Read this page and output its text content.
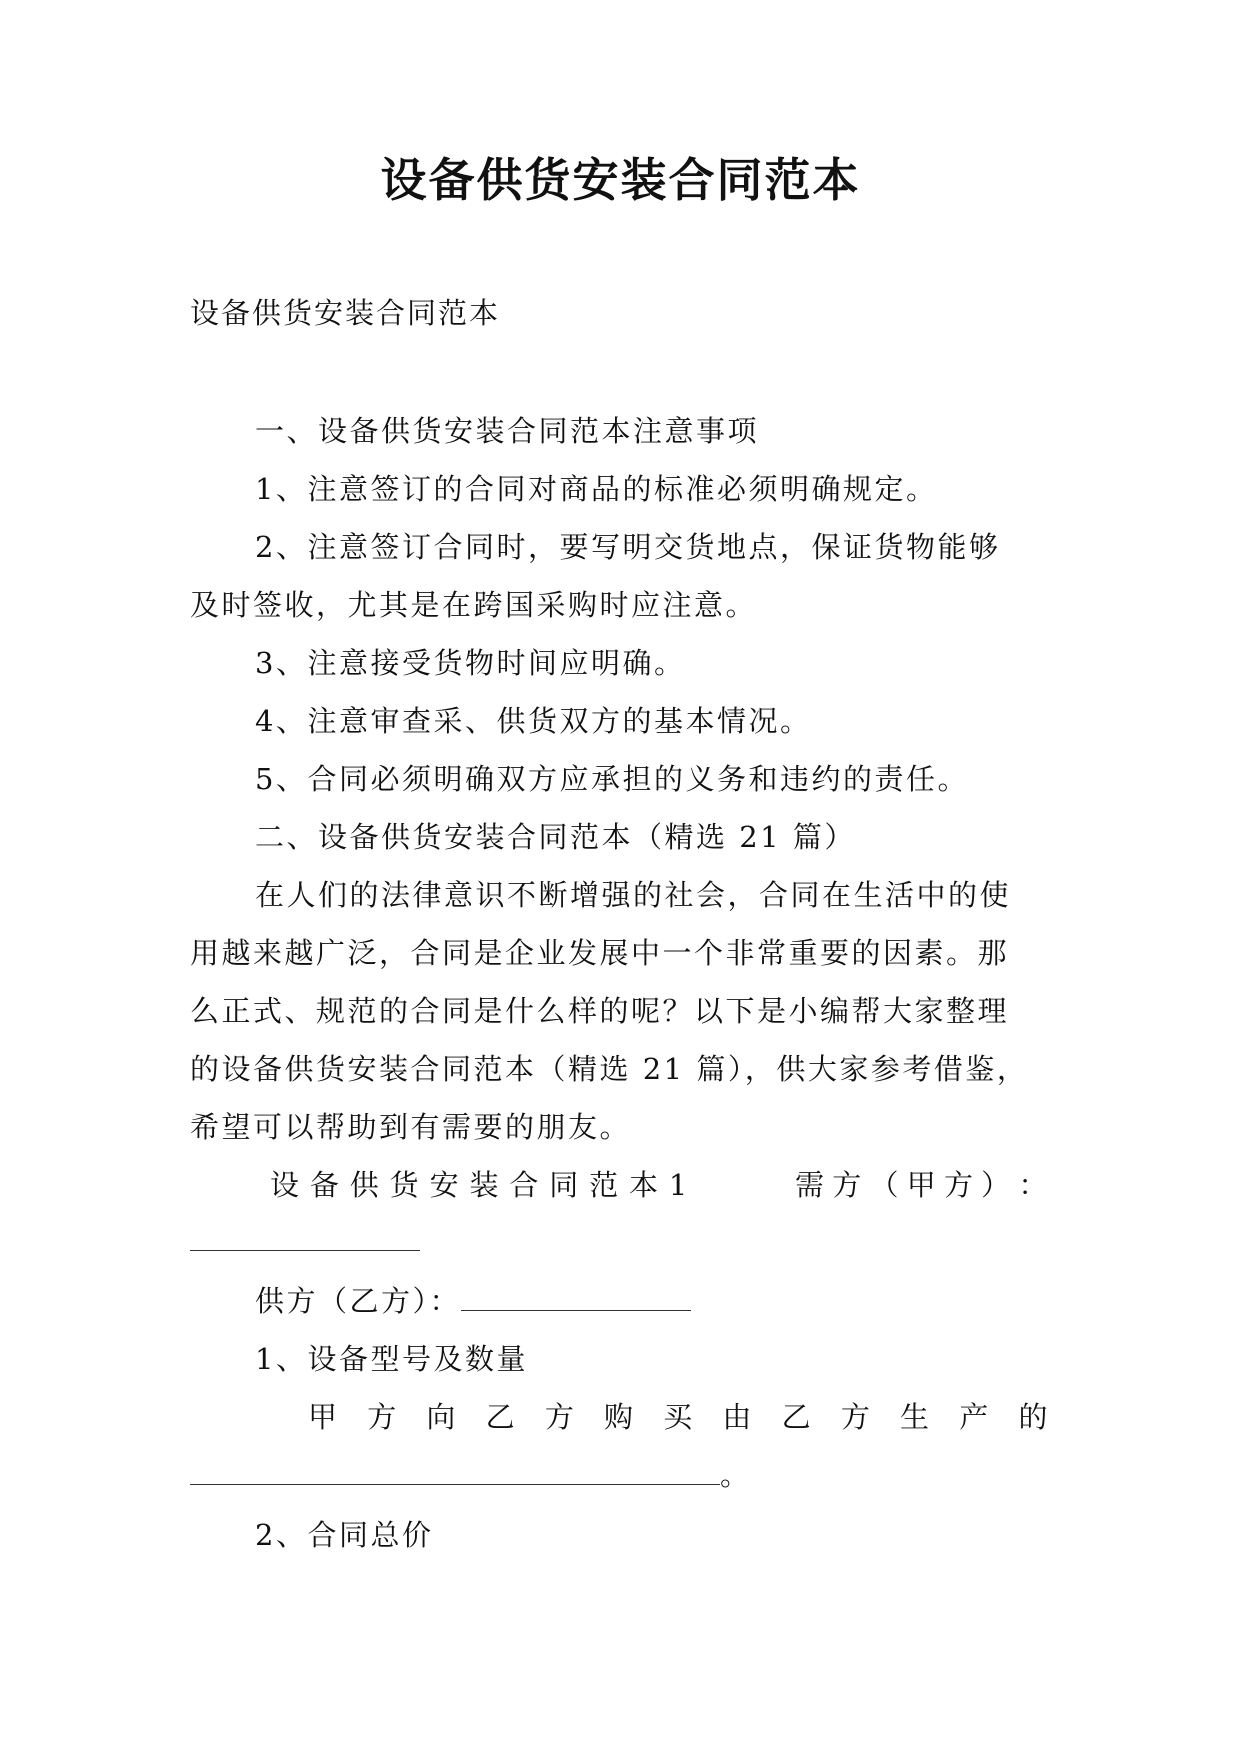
设备供货安装合同范本
设备供货安装合同范本

一、设备供货安装合同范本注意事项

1、注意签订的合同对商品的标准必须明确规定。

2、注意签订合同时，要写明交货地点，保证货物能够

及时签收，尤其是在跨国采购时应注意。

3、注意接受货物时间应明确。

4、注意审查采、供货双方的基本情况。

5、合同必须明确双方应承担的义务和违约的责任。

二、设备供货安装合同范本（精选 21 篇）

在人们的法律意识不断增强的社会，合同在生活中的使

用越来越广泛，合同是企业发展中一个非常重要的因素。那

么正式、规范的合同是什么样的呢？以下是小编帮大家整理

的设备供货安装合同范本（精选 21 篇），供大家参考借鉴，

希望可以帮助到有需要的朋友。

设 备 供 货 安 装 合 同 范 本 1	需 方 （ 甲 方 ） ：

供方（乙方）：

1、设备型号及数量

甲 方 向 乙 方 购 买 由 乙 方 生 产 的

。

2、合同总价
